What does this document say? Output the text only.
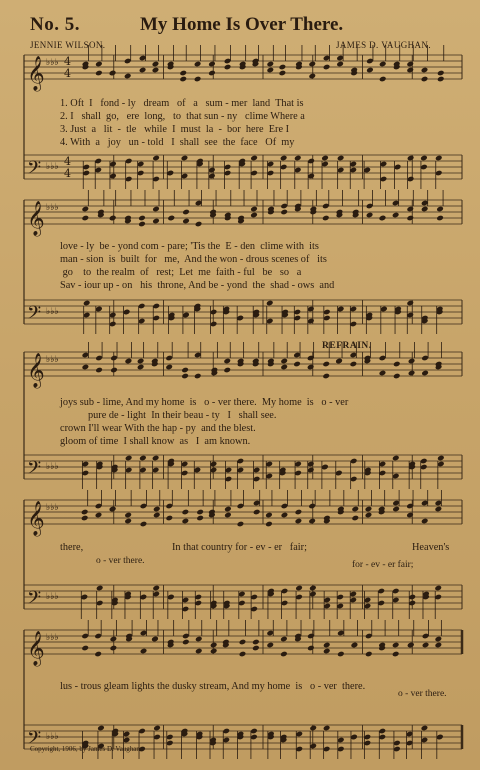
No. 5.	My Home Is Over There.
JENNIE WILSON.	JAMES D. VAUGHAN.
𝄞 ♭♭♭ 4
4
𝄢 ♭♭♭ 4
4
𝄞 ♭♭♭
𝄢 ♭♭♭
𝄞 ♭♭♭
𝄢 ♭♭♭
𝄞 ♭♭♭
𝄢 ♭♭♭
𝄞 ♭♭♭
𝄢 ♭♭♭
1. Oft  I   fond - ly   dream   of   a   sum - mer  land  That is
2. I   shall  go,   ere  long,   to  that sun - ny   clime Where a
3. Just  a   lit  -  tle   while  I  must  la  -  bor  here  Ere I
4. With  a   joy   un - told   I  shall  see  the  face   Of  my
love - ly  be - yond com - pare; 'Tis the  E - den  clime with  its
man - sion  is  built  for   me,  And the won - drous scenes of   its
go    to  the realm  of   rest;  Let  me  faith - ful   be   so   a
Sav - iour up - on   his  throne, And be - yond  the  shad - ows  and
REFRAIN.
joys sub - lime, And my home  is   o - ver there.  My home  is   o - ver
pure de - light  In their beau - ty   I   shall see.
crown I'll wear With the hap - py  and the blest.
gloom of time  I shall know  as   I  am known.
there,	In that country for - ev - er   fair;	Heaven's
o - ver there.	for - ev - er fair;
lus - trous gleam lights the dusky stream, And my home  is   o - ver  there.
o - ver there.
Copyright, 1906, by James D. Vaughan.
